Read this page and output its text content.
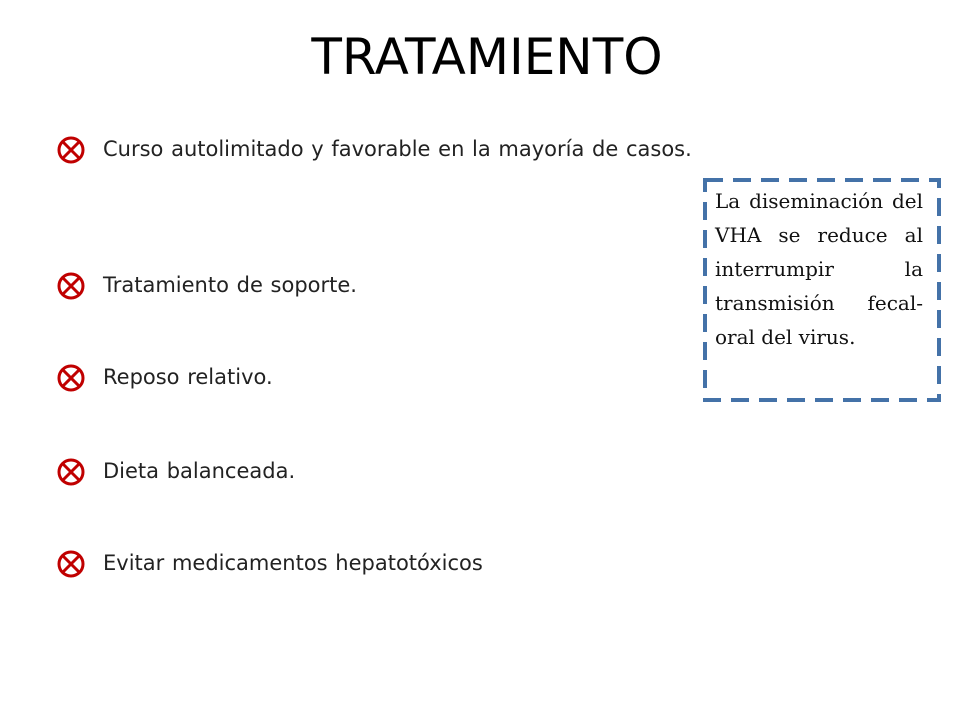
TRATAMIENTO
Curso autolimitado y favorable en la mayoría de casos.
Tratamiento de soporte.
Reposo relativo.
Dieta balanceada.
Evitar medicamentos hepatotóxicos
La diseminación del VHA se reduce al interrumpir la transmisión fecal-oral del virus.
